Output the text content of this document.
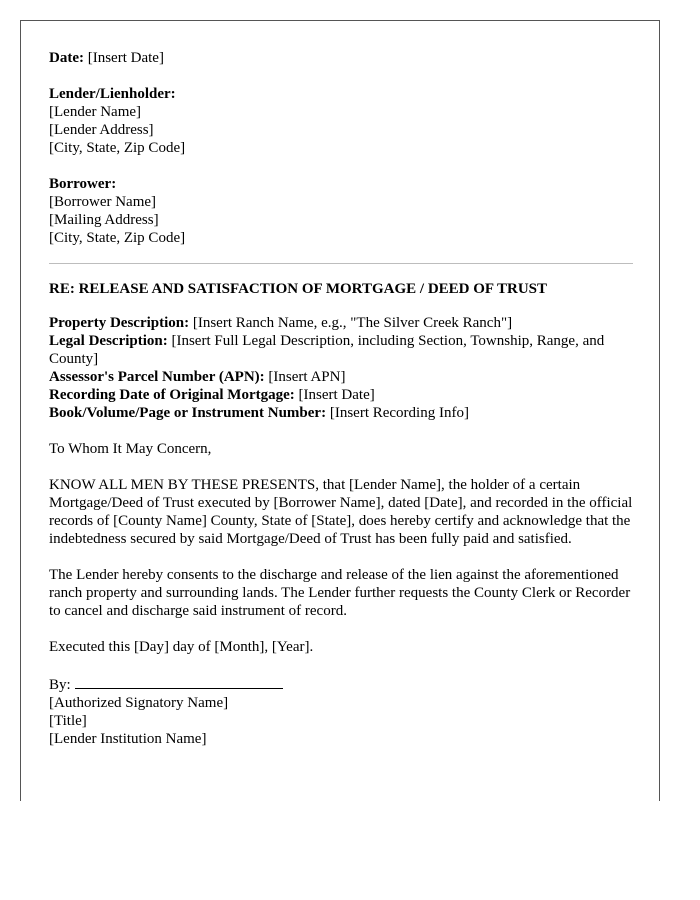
Date: [Insert Date]
Lender/Lienholder:
[Lender Name]
[Lender Address]
[City, State, Zip Code]
Borrower:
[Borrower Name]
[Mailing Address]
[City, State, Zip Code]
RE: RELEASE AND SATISFACTION OF MORTGAGE / DEED OF TRUST
Property Description: [Insert Ranch Name, e.g., "The Silver Creek Ranch"]
Legal Description: [Insert Full Legal Description, including Section, Township, Range, and County]
Assessor's Parcel Number (APN): [Insert APN]
Recording Date of Original Mortgage: [Insert Date]
Book/Volume/Page or Instrument Number: [Insert Recording Info]
To Whom It May Concern,
KNOW ALL MEN BY THESE PRESENTS, that [Lender Name], the holder of a certain Mortgage/Deed of Trust executed by [Borrower Name], dated [Date], and recorded in the official records of [County Name] County, State of [State], does hereby certify and acknowledge that the indebtedness secured by said Mortgage/Deed of Trust has been fully paid and satisfied.
The Lender hereby consents to the discharge and release of the lien against the aforementioned ranch property and surrounding lands. The Lender further requests the County Clerk or Recorder to cancel and discharge said instrument of record.
Executed this [Day] day of [Month], [Year].
By:
[Authorized Signatory Name]
[Title]
[Lender Institution Name]
